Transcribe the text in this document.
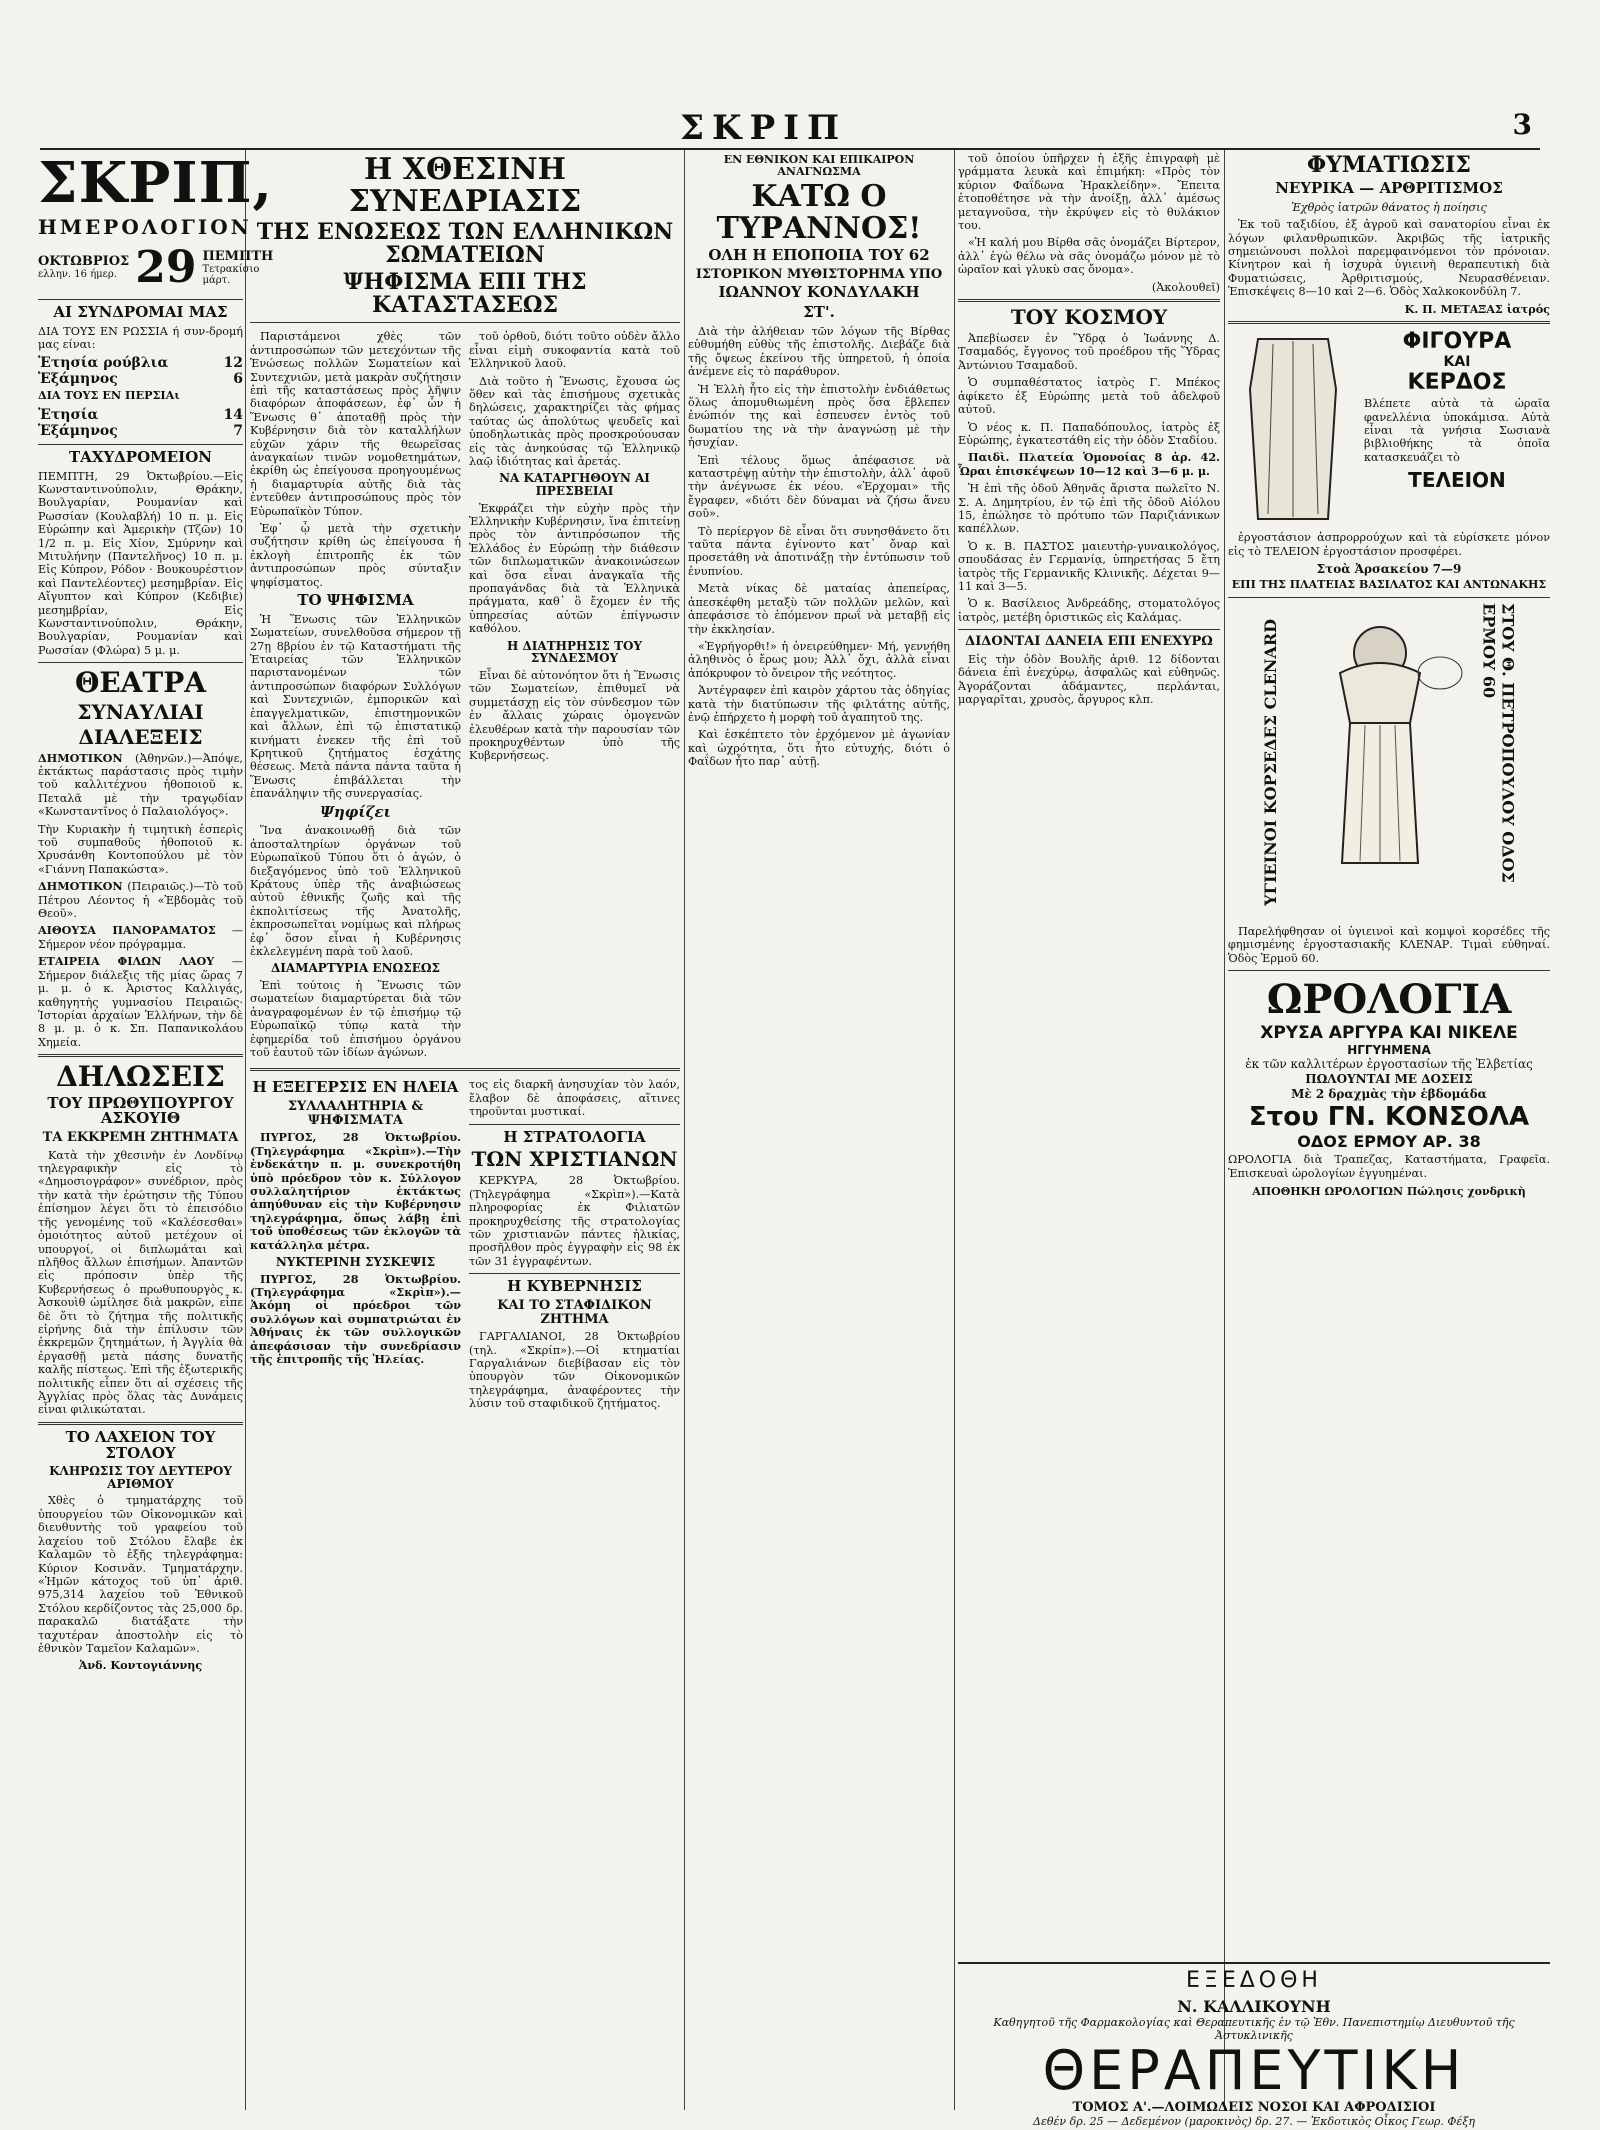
ΣΚΡΙΠ	3
ΣΚΡΙΠ,
ΗΜΕΡΟΛΟΓΙΟΝ
ΟΚΤΩΒΡΙΟΣ
ελλην. 16 ήμερ. 29 ΠΕΜΠΤΗ
Τετρακίσιο μάρτ.
ΑΙ ΣΥΝΔΡΟΜΑΙ ΜΑΣ
ΔΙΑ ΤΟΥΣ ΕΝ ΡΩΣΣΙΑ ή συν-δρομή μας είναι:
Ἐτησία ρούβλια	12
Ἑξάμηνος	6
ΔΙΑ ΤΟΥΣ ΕΝ ΠΕΡΣΙΑι
Ἐτησία	14
Ἑξάμηνος	7
ΤΑΧΥΔΡΟΜΕΙΟΝ
ΠΕΜΠΤΗ, 29 Ὀκτωβρίου.—Εἰς Κωνσταντινούπολιν, Θράκην, Βουλγαρίαν, Ρουμανίαν καὶ Ρωσσίαν (Κουλαβλή) 10 π. μ. Εἰς Εὐρώπην καὶ Ἀμερικὴν (Τζῶν) 10 1/2 π. μ. Εἰς Χίον, Σμύρνην καὶ Μιτυλήνην (Παντελῆνος) 10 π. μ. Εἰς Κύπρον, Ρόδον · Βουκουρέστιον καὶ Παντελέοντες) μεσημβρίαν. Εἰς Αἴγυπτον καὶ Κύπρον (Κεδιβιε) μεσημβρίαν, Εἰς Κωνσταντινούπολιν, Θράκην, Βουλγαρίαν, Ρουμανίαν καὶ Ρωσσίαν (Φλώρα) 5 μ. μ.
ΘΕΑΤΡΑ
ΣΥΝΑΥΛΙΑΙ
ΔΙΑΛΕΞΕΙΣ
ΔΗΜΟΤΙΚΟΝ (Ἀθηνῶν.)—Ἀπόψε, ἐκτάκτως παράστασις πρὸς τιμὴν τοῦ καλλιτέχνου ἠθοποιοῦ κ. Πεταλᾶ μὲ τὴν τραγῳδίαν «Κωνσταντῖνος ὁ Παλαιολόγος».
Τὴν Κυριακὴν ἡ τιμητικὴ ἑσπερὶς τοῦ συμπαθοῦς ἠθοποιοῦ κ. Χρυσάνθη Κοντοπούλου μὲ τὸν «Γιάννη Παπακώστα».
ΔΗΜΟΤΙΚΟΝ (Πειραιῶς.)—Τὸ τοῦ Πέτρου Λέοντος ἡ «Ἐβδομὰς τοῦ Θεοῦ».
ΑΙΘΟΥΣΑ ΠΑΝΟΡΑΜΑΤΟΣ —Σήμερον νέον πρόγραμμα.
ΕΤΑΙΡΕΙΑ ΦΙΛΩΝ ΛΑΟΥ —Σήμερον διάλεξις τῆς μίας ὥρας 7 μ. μ. ὁ κ. Ἀριστος Καλλιγάς, καθηγητὴς γυμνασίου Πειραιῶς· Ἱστορίαι ἀρχαίων Ἑλλήνων, τὴν δὲ 8 μ. μ. ὁ κ. Σπ. Παπανικολάου Χημεία.
ΔΗΛΩΣΕΙΣ
ΤΟΥ ΠΡΩΘΥΠΟΥΡΓΟΥ ΑΣΚΟΥΙΘ
ΤΑ ΕΚΚΡΕΜΗ ΖΗΤΗΜΑΤΑ
Κατὰ τὴν χθεσινὴν ἐν Λονδίνῳ τηλεγραφικὴν εἰς τὸ «Δημοσιογράφον» συνέδριον, πρὸς τὴν κατὰ τὴν ἐρώτησιν τῆς Τύπου ἐπίσημον λέγει ὅτι τὸ ἐπεισόδιο τῆς γενομένης τοῦ «Καλέσεσθαι» ὁμοιότητος αὐτοῦ μετέχουν οἱ υπουργοί, οἱ διπλωμάται καὶ πλῆθος ἄλλων ἐπισήμων. Ἀπαντῶν εἰς πρόποσιν ὑπὲρ τῆς Κυβερνήσεως ὁ πρωθυπουργὸς κ. Ἀσκουὶθ ὡμίλησε διὰ μακρῶν, εἶπε δὲ ὅτι τὸ ζήτημα τῆς πολιτικῆς εἰρήνης διὰ τὴν ἐπίλυσιν τῶν ἐκκρεμῶν ζητημάτων, ἡ Ἀγγλία θὰ ἐργασθῇ μετὰ πάσης δυνατῆς καλῆς πίστεως. Ἐπὶ τῆς ἐξωτερικῆς πολιτικῆς εἶπεν ὅτι αἱ σχέσεις τῆς Ἀγγλίας πρὸς ὅλας τὰς Δυνάμεις εἶναι φιλικώταται.
ΤΟ ΛΑΧΕΙΟΝ ΤΟΥ ΣΤΟΛΟΥ
ΚΛΗΡΩΣΙΣ ΤΟΥ ΔΕΥΤΕΡΟΥ ΑΡΙΘΜΟΥ
Χθὲς ὁ τμηματάρχης τοῦ ὑπουργείου τῶν Οἰκονομικῶν καὶ διευθυντὴς τοῦ γραφείου τοῦ λαχείου τοῦ Στόλου ἔλαβε ἐκ Καλαμῶν τὸ ἑξῆς τηλεγράφημα: Κύριον Κοσινᾶν. Τμηματάρχην. «Ἡμῶν κάτοχος τοῦ ὑπ᾽ ἀριθ. 975,314 λαχείου τοῦ Ἐθνικοῦ Στόλου κερδίζοντος τὰς 25,000 δρ. παρακαλῶ διατάξατε τὴν ταχυτέραν ἀποστολὴν εἰς τὸ ἐθνικὸν Ταμεῖον Καλαμῶν».
Ἀνδ. Κοντογιάννης
Η ΧΘΕΣΙΝΗ ΣΥΝΕΔΡΙΑΣΙΣ
ΤΗΣ ΕΝΩΣΕΩΣ ΤΩΝ ΕΛΛΗΝΙΚΩΝ ΣΩΜΑΤΕΙΩΝ
ΨΗΦΙΣΜΑ ΕΠΙ ΤΗΣ ΚΑΤΑΣΤΑΣΕΩΣ
Παριστάμενοι χθὲς τῶν ἀντιπροσώπων τῶν μετεχόντων τῆς Ἑνώσεως πολλῶν Σωματείων καὶ Συντεχνιῶν, μετὰ μακρὰν συζήτησιν ἐπὶ τῆς καταστάσεως πρὸς λῆψιν διαφόρων ἀποφάσεων, ἐφ᾽ ὧν ἡ Ἕνωσις θ᾽ ἀποταθῇ πρὸς τὴν Κυβέρνησιν διὰ τὸν καταλλήλων εὐχῶν χάριν τῆς θεωρεῖσας ἀναγκαίων τινῶν νομοθετημάτων, ἐκρίθη ὡς ἐπείγουσα προηγουμένως ἡ διαμαρτυρία αὐτῆς διὰ τὰς ἐντεῦθεν ἀντιπροσώπους πρὸς τὸν Εὐρωπαϊκὸν Τύπον.
Ἐφ᾽ ᾧ μετὰ τὴν σχετικὴν συζήτησιν κρίθη ὡς ἐπείγουσα ἡ ἐκλογὴ ἐπιτροπῆς ἐκ τῶν ἀντιπροσώπων πρὸς σύνταξιν ψηφίσματος.
ΤΟ ΨΗΦΙΣΜΑ
Ἡ Ἕνωσις τῶν Ἑλληνικῶν Σωματείων, συνελθοῦσα σήμερον τῇ 27ῃ 8βρίου ἐν τῷ Καταστήματι τῆς Ἑταιρείας τῶν Ἑλληνικῶν παριστανομένων τῶν ἀντιπροσώπων διαφόρων Συλλόγων καὶ Συντεχνιῶν, ἐμπορικῶν καὶ ἐπαγγελματικῶν, ἐπιστημονικῶν καὶ ἄλλων, ἐπὶ τῷ ἐπιστατικῷ κινήματι ἐνεκεν τῆς ἐπὶ τοῦ Κρητικοῦ ζητήματος ἐσχάτης θέσεως. Μετὰ πάντα πάντα ταῦτα ἡ Ἕνωσις ἐπιβάλλεται τὴν ἐπανάληψιν τῆς συνεργασίας.
Ψηφίζει
Ἵνα ἀνακοινωθῇ διὰ τῶν ἀποσταλτηρίων ὀργάνων τοῦ Εὐρωπαϊκοῦ Τύπου ὅτι ὁ ἀγών, ὁ διεξαγόμενος ὑπὸ τοῦ Ἑλληνικοῦ Κράτους ὑπὲρ τῆς ἀναβιώσεως αὐτοῦ ἐθνικῆς ζωῆς καὶ τῆς ἐκπολιτίσεως τῆς Ἀνατολῆς, ἐκπροσωπεῖται νομίμως καὶ πλήρως ἐφ᾽ ὅσον εἶναι ἡ Κυβέρνησις ἐκλελεγμένη παρὰ τοῦ λαοῦ.
ΔΙΑΜΑΡΤΥΡΙΑ ΕΝΩΣΕΩΣ
Ἐπὶ τούτοις ἡ Ἕνωσις τῶν σωματείων διαμαρτύρεται διὰ τῶν ἀναγραφομένων ἐν τῷ ἐπισήμῳ τῷ Εὐρωπαϊκῷ τύπῳ κατὰ τὴν ἐφημερίδα τοῦ ἐπισήμου ὀργάνου τοῦ ἑαυτοῦ τῶν ἰδίων ἀγώνων.
τοῦ ὀρθοῦ, διότι τοῦτο οὐδὲν ἄλλο εἶναι εἰμὴ συκοφαντία κατὰ τοῦ Ἑλληνικοῦ λαοῦ.
Διὰ τοῦτο ἡ Ἕνωσις, ἔχουσα ὡς ὅθεν καὶ τὰς ἐπισήμους σχετικὰς δηλώσεις, χαρακτηρίζει τὰς φήμας ταύτας ὡς ἀπολύτως ψευδεῖς καὶ ὑποδηλωτικὰς πρὸς προσκρούουσαν εἰς τὰς ἀνηκούσας τῷ Ἑλληνικῷ λαῷ ἰδιότητας καὶ ἀρετάς.
ΝΑ ΚΑΤΑΡΓΗΘΟΥΝ ΑΙ ΠΡΕΣΒΕΙΑΙ
Ἐκφράζει τὴν εὐχὴν πρὸς τὴν Ἑλληνικὴν Κυβέρνησιν, ἵνα ἐπιτείνῃ πρὸς τὸν ἀντιπρόσωπον τῆς Ἑλλάδος ἐν Εὐρώπῃ τὴν διάθεσιν τῶν διπλωματικῶν ἀνακοινώσεων καὶ ὅσα εἶναι ἀναγκαῖα τῆς προπαγάνδας διὰ τὰ Ἑλληνικὰ πράγματα, καθ᾽ ὃ ἔχομεν ἐν τῆς ὑπηρεσίας αὐτῶν ἐπίγνωσιν καθόλου.
Η ΔΙΑΤΗΡΗΣΙΣ ΤΟΥ ΣΥΝΔΕΣΜΟΥ
Εἶναι δὲ αὐτονόητον ὅτι ἡ Ἕνωσις τῶν Σωματείων, ἐπιθυμεῖ νὰ συμμετάσχῃ εἰς τὸν σύνδεσμον τῶν ἐν ἄλλαις χώραις ὁμογενῶν ἐλευθέρων κατὰ τὴν παρουσίαν τῶν προκηρυχθέντων ὑπὸ τῆς Κυβερνήσεως.
Η ΕΞΕΓΕΡΣΙΣ ΕΝ ΗΛΕΙΑ
ΣΥΛΛΑΛΗΤΗΡΙΑ & ΨΗΦΙΣΜΑΤΑ
ΠΥΡΓΟΣ, 28 Ὀκτωβρίου. (Τηλεγράφημα «Σκρὶπ»).—Τὴν ἐνδεκάτην π. μ. συνεκροτήθη ὑπὸ πρόεδρον τὸν κ. Σύλλογον συλλαλητήριον ἐκτάκτως ἀπηύθυναν εἰς τὴν Κυβέρνησιν τηλεγράφημα, ὅπως λάβῃ ἐπὶ τοῦ ὑποθέσεως τῶν ἐκλογῶν τὰ κατάλληλα μέτρα.
ΝΥΚΤΕΡΙΝΗ ΣΥΣΚΕΨΙΣ
ΠΥΡΓΟΣ, 28 Ὀκτωβρίου. (Τηλεγράφημα «Σκρὶπ»).—Ἀκόμη οἱ πρόεδροι τῶν συλλόγων καὶ συμπατριώται ἐν Ἀθήναις ἐκ τῶν συλλογικῶν ἀπεφάσισαν τὴν συνεδρίασιν τῆς ἐπιτροπῆς τῆς Ἠλείας.
τος εἰς διαρκῆ ἀνησυχίαν τὸν λαόν, ἔλαβον δὲ ἀποφάσεις, αἵτινες τηροῦνται μυστικαί.
Η ΣΤΡΑΤΟΛΟΓΙΑ
ΤΩΝ ΧΡΙΣΤΙΑΝΩΝ
ΚΕΡΚΥΡΑ, 28 Ὀκτωβρίου. (Τηλεγράφημα «Σκρὶπ»).—Κατὰ πληροφορίας ἐκ Φιλιατῶν προκηρυχθείσης τῆς στρατολογίας τῶν χριστιανῶν πάντες ἡλικίας, προσῆλθον πρὸς ἐγγραφὴν εἰς 98 ἐκ τῶν 31 ἐγγραφέντων.
Η ΚΥΒΕΡΝΗΣΙΣ
ΚΑΙ ΤΟ ΣΤΑΦΙΔΙΚΟΝ ΖΗΤΗΜΑ
ΓΑΡΓΑΛΙΑΝΟΙ, 28 Ὀκτωβρίου (τηλ. «Σκρίπ»).—Οἱ κτηματίαι Γαργαλιάνων διεβίβασαν εἰς τὸν ὑπουργὸν τῶν Οἰκονομικῶν τηλεγράφημα, ἀναφέροντες τὴν λύσιν τοῦ σταφιδικοῦ ζητήματος.
ΕΝ ΕΘΝΙΚΟΝ ΚΑΙ ΕΠΙΚΑΙΡΟΝ ΑΝΑΓΝΩΣΜΑ
ΚΑΤΩ Ο ΤΥΡΑΝΝΟΣ!
ΟΛΗ Η ΕΠΟΠΟΙΙΑ ΤΟΥ 62
ΙΣΤΟΡΙΚΟΝ ΜΥΘΙΣΤΟΡΗΜΑ ΥΠΟ
ΙΩΑΝΝΟΥ ΚΟΝΔΥΛΑΚΗ
ΣΤ'.
Διὰ τὴν ἀλήθειαν τῶν λόγων τῆς Βίρθας εὐθυμήθη εὐθὺς τῆς ἐπιστολῆς. Διεβάζε διὰ τῆς ὄψεως ἐκείνου τῆς ὑπηρετοῦ, ἡ ὁποία ἀνέμενε εἰς τὸ παράθυρον.
Ἡ Ἑλλὴ ἦτο εἰς τὴν ἐπιστολὴν ἐνδιάθετως ὅλως ἀπομυθιωμένη πρὸς ὅσα ἔβλεπεν ἐνώπιόν της καὶ ἐσπευσεν ἐντὸς τοῦ δωματίου της νὰ τὴν ἀναγνώσῃ μὲ τὴν ἡσυχίαν.
Ἐπὶ τέλους ὅμως ἀπέφασισε νὰ καταστρέψῃ αὐτὴν τὴν ἐπιστολὴν, ἀλλ᾽ ἀφοῦ τὴν ἀνέγνωσε ἐκ νέου. «Ἐρχομαι» τῆς ἔγραφεν, «διότι δὲν δύναμαι νὰ ζήσω ἄνευ σοῦ».
Τὸ περίεργον δὲ εἶναι ὅτι συνησθάνετο ὅτι ταῦτα πάντα ἐγίνοντο κατ᾽ ὄναρ καὶ προσετάθη νὰ ἀποτινάξῃ τὴν ἐντύπωσιν τοῦ ἐνυπνίου.
Μετὰ νίκας δὲ ματαίας ἀπεπείρας, ἀπεσκέφθη μεταξὺ τῶν πολλῶν μελῶν, καὶ ἀπεφάσισε τὸ ἐπόμενον πρωΐ νὰ μεταβῇ εἰς τὴν ἐκκλησίαν.
«Ἐγρήγορθι!» ἡ ὀνειρεύθημεν· Μή, γεννήθη ἀληθινὸς ὁ ἔρως μου; Ἀλλ᾽ ὄχι, ἀλλὰ εἶναι ἀπόκρυφον τὸ ὄνειρον τῆς νεότητος.
Ἀντέγραφεν ἐπὶ καιρὸν χάρτου τὰς ὁδηγίας κατὰ τὴν διατύπωσιν τῆς φιλτάτης αὐτῆς, ἐνῷ ἐπήρχετο ἡ μορφὴ τοῦ ἀγαπητοῦ της.
Καὶ ἐσκέπτετο τὸν ἐρχόμενον μὲ ἀγωνίαν καὶ ὠχρότητα, ὅτι ἦτο εὐτυχής, διότι ὁ Φαΐδων ἦτο παρ᾽ αὐτῇ.
τοῦ ὁποίου ὑπῆρχεν ἡ ἑξῆς ἐπιγραφὴ μὲ γράμματα λευκὰ καὶ ἐπιμήκη: «Πρὸς τὸν κύριον Φαΐδωνα Ἡρακλείδην». Ἔπειτα ἐτοποθέτησε νὰ τὴν ἀνοίξῃ, ἀλλ᾽ ἀμέσως μεταγνοῦσα, τὴν ἐκρύψεν εἰς τὸ θυλάκιον του.
«Ἡ καλή μου Βίρθα σᾶς ὀνομάζει Βίρτερον, ἀλλ᾽ ἐγὼ θέλω νὰ σᾶς ὀνομάζω μόνον μὲ τὸ ὡραῖον καὶ γλυκὺ σας ὄνομα».
(Ἀκολουθεῖ)
ΤΟΥ ΚΟΣΜΟΥ
Ἀπεβίωσεν ἐν Ὕδρᾳ ὁ Ἰωάννης Δ. Τσαμαδός, ἔγγονος τοῦ προέδρου τῆς Ὕδρας Ἀντώνιου Τσαμαδοῦ.
Ὁ συμπαθέστατος ἰατρὸς Γ. Μπέκος ἀφίκετο ἐξ Εὐρώπης μετὰ τοῦ ἀδελφοῦ αὐτοῦ.
Ὁ νέος κ. Π. Παπαδόπουλος, ἰατρὸς ἐξ Εὐρώπης, ἐγκατεστάθη εἰς τὴν ὁδὸν Σταδίου.
Παιδὶ. Πλατεία Ὁμονοίας 8 ἀρ. 42. Ὧραι ἐπισκέψεων 10—12 καὶ 3—6 μ. μ.
Ἡ ἐπὶ τῆς ὁδοῦ Ἀθηνᾶς ἄριστα πωλεῖτο Ν. Σ. Α. Δημητρίου, ἐν τῷ ἐπὶ τῆς ὁδοῦ Αἰόλου 15, ἐπώλησε τὸ πρότυπο τῶν Παριζιάνικων καπέλλων.
Ὁ κ. Β. ΠΑΣΤΟΣ μαιευτὴρ-γυναικολόγος, σπουδάσας ἐν Γερμανίᾳ, ὑπηρετήσας 5 ἔτη ἰατρὸς τῆς Γερμανικῆς Κλινικῆς. Δέχεται 9—11 καὶ 3—5.
Ὁ κ. Βασίλειος Ἀνδρεάδης, στοματολόγος ἰατρὸς, μετέβη ὁριστικῶς εἰς Καλάμας.
ΔΙΔΟΝΤΑΙ ΔΑΝΕΙΑ ΕΠΙ ΕΝΕΧΥΡΩ
Εἰς τὴν ὁδὸν Βουλῆς ἀριθ. 12 δίδονται δάνεια ἐπὶ ἐνεχύρῳ, ἀσφαλῶς καὶ εὐθηνῶς. Ἀγοράζονται ἀδάμαντες, περλάνται, μαργαρῖται, χρυσὸς, ἄργυρος κλπ.
ΦΥΜΑΤΙΩΣΙΣ
ΝΕΥΡΙΚΑ — ΑΡΘΡΙΤΙΣΜΟΣ
Ἐχθρὸς ἰατρῶν θάνατος ἡ ποίησις
Ἐκ τοῦ ταξιδίου, ἐξ ἀγροῦ καὶ σανατορίου εἶναι ἐκ λόγων φιλανθρωπικῶν. Ἀκριβῶς τῆς ἰατρικῆς σημειώνουσι πολλοὶ παρεμφαινόμενοι τὸν πρόνοιαν. Κίνητρον καὶ ἡ ἰσχυρὰ ὑγιεινὴ θεραπευτικὴ διὰ Φυματιώσεις, Ἀρθριτισμούς, Νευρασθένειαν. Ἐπισκέψεις 8—10 καὶ 2—6. Ὁδὸς Χαλκοκονδύλη 7.
Κ. Π. ΜΕΤΑΞΑΣ ἰατρός
ΦΙΓΟΥΡΑ
ΚΑΙ
ΚΕΡΔΟΣ
Βλέπετε αὐτὰ τὰ ὡραῖα φανελλένια ὑποκάμισα. Αὐτὰ εἶναι τὰ γνήσια Σωσιανὰ βιβλιοθήκης τὰ ὁποῖα κατασκευάζει τὸ
ΤΕΛΕΙΟΝ
ἐργοστάσιον ἀσπρορρούχων καὶ τὰ εὑρίσκετε μόνον εἰς τὸ ΤΕΛΕΙΟΝ ἐργοστάσιον προσφέρει.
Στοὰ Ἀρσακείου 7—9
ΕΠΙ ΤΗΣ ΠΛΑΤΕΙΑΣ ΒΑΣΙΛΑΤΟΣ ΚΑΙ ΑΝΤΩΝΑΚΗΣ
ΥΓΙΕΙΝΟΙ ΚΟΡΣΕΔΕΣ CLENARD	ΣΤΟΥ Θ. ΠΕΤΡΟΠΟΥΛΟΥ ΟΔΟΣ ΕΡΜΟΥ 60
Παρελήφθησαν οἱ ὑγιεινοὶ καὶ κομψοὶ κορσέδες τῆς φημισμένης ἐργοστασιακῆς ΚΛΕΝΑΡ. Τιμαὶ εὐθηναί. Ὁδὸς Ἑρμοῦ 60.
ΩΡΟΛΟΓΙΑ
ΧΡΥΣΑ ΑΡΓΥΡΑ ΚΑΙ ΝΙΚΕΛΕ
ΗΓΓΥΗΜΕΝΑ
ἐκ τῶν καλλιτέρων ἐργοστασίων τῆς Ἑλβετίας
ΠΩΛΟΥΝΤΑΙ ΜΕ ΔΟΣΕΙΣ
Μὲ 2 δραχμὰς τὴν ἑβδομάδα
Στου ΓΝ. ΚΟΝΣΟΛΑ
ΟΔΟΣ ΕΡΜΟΥ ΑΡ. 38
ΩΡΟΛΟΓΙΑ διὰ Τραπεζας, Καταστήματα, Γραφεῖα. Ἐπισκευαὶ ὡρολογίων ἐγγυημέναι.
ΑΠΟΘΗΚΗ ΩΡΟΛΟΓΙΩΝ Πώλησις χονδρικὴ
ΕΞΕΔΟΘΗ
Ν. ΚΑΛΛΙΚΟΥΝΗ
Καθηγητοῦ τῆς Φαρμακολογίας καὶ Θεραπευτικῆς ἐν τῷ Ἐθν. Πανεπιστημίῳ Διευθυντοῦ τῆς Ἀστυκλινικῆς
ΘΕΡΑΠΕΥΤΙΚΗ
ΤΟΜΟΣ Α'.—ΛΟΙΜΩΔΕΙΣ ΝΟΣΟΙ ΚΑΙ ΑΦΡΟΔΙΣΙΟΙ
Δεθέν δρ. 25 — Δεδεμένον (μαροκινὸς) δρ. 27. — Ἐκδοτικὸς Οἶκος Γεωρ. Φέξη
